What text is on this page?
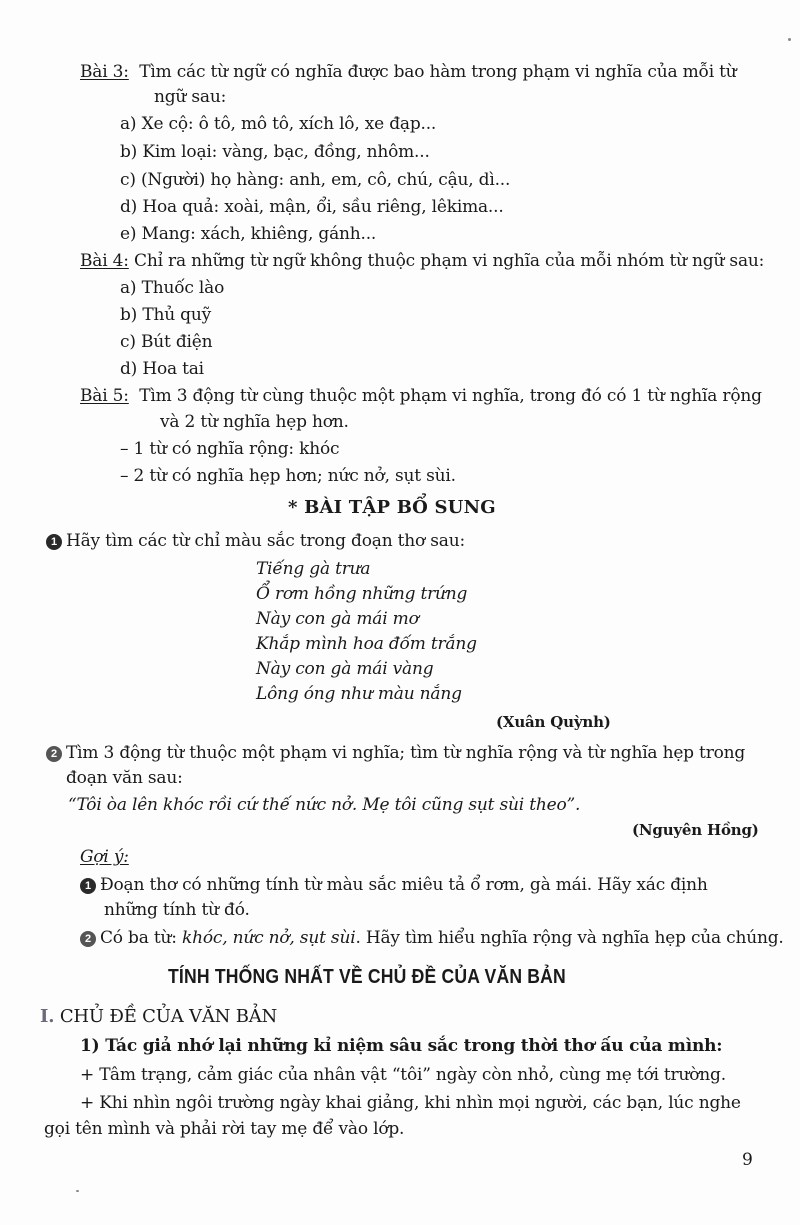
Bài 3: Tìm các từ ngữ có nghĩa được bao hàm trong phạm vi nghĩa của mỗi từ
ngữ sau:
a) Xe cộ: ô tô, mô tô, xích lô, xe đạp...
b) Kim loại: vàng, bạc, đồng, nhôm...
c) (Người) họ hàng: anh, em, cô, chú, cậu, dì...
d) Hoa quả: xoài, mận, ổi, sầu riêng, lêkima...
e) Mang: xách, khiêng, gánh...
Bài 4: Chỉ ra những từ ngữ không thuộc phạm vi nghĩa của mỗi nhóm từ ngữ sau:
a) Thuốc lào
b) Thủ quỹ
c) Bút điện
d) Hoa tai
Bài 5: Tìm 3 động từ cùng thuộc một phạm vi nghĩa, trong đó có 1 từ nghĩa rộng
và 2 từ nghĩa hẹp hơn.
– 1 từ có nghĩa rộng: khóc
– 2 từ có nghĩa hẹp hơn; nức nở, sụt sùi.
* BÀI TẬP BỔ SUNG
1 Hãy tìm các từ chỉ màu sắc trong đoạn thơ sau:
Tiếng gà trưa
Ổ rơm hồng những trứng
Này con gà mái mơ
Khắp mình hoa đốm trắng
Này con gà mái vàng
Lông óng như màu nắng
(Xuân Quỳnh)
2 Tìm 3 động từ thuộc một phạm vi nghĩa; tìm từ nghĩa rộng và từ nghĩa hẹp trong
đoạn văn sau:
“Tôi òa lên khóc rồi cứ thế nức nở. Mẹ tôi cũng sụt sùi theo”.
(Nguyên Hồng)
Gợi ý:
1 Đoạn thơ có những tính từ màu sắc miêu tả ổ rơm, gà mái. Hãy xác định
những tính từ đó.
2 Có ba từ: khóc, nức nở, sụt sùi. Hãy tìm hiểu nghĩa rộng và nghĩa hẹp của chúng.
TÍNH THỐNG NHẤT VỀ CHỦ ĐỀ CỦA VĂN BẢN
I. CHỦ ĐỀ CỦA VĂN BẢN
1) Tác giả nhớ lại những kỉ niệm sâu sắc trong thời thơ ấu của mình:
+ Tâm trạng, cảm giác của nhân vật “tôi” ngày còn nhỏ, cùng mẹ tới trường.
+ Khi nhìn ngôi trường ngày khai giảng, khi nhìn mọi người, các bạn, lúc nghe
gọi tên mình và phải rời tay mẹ để vào lớp.
9
